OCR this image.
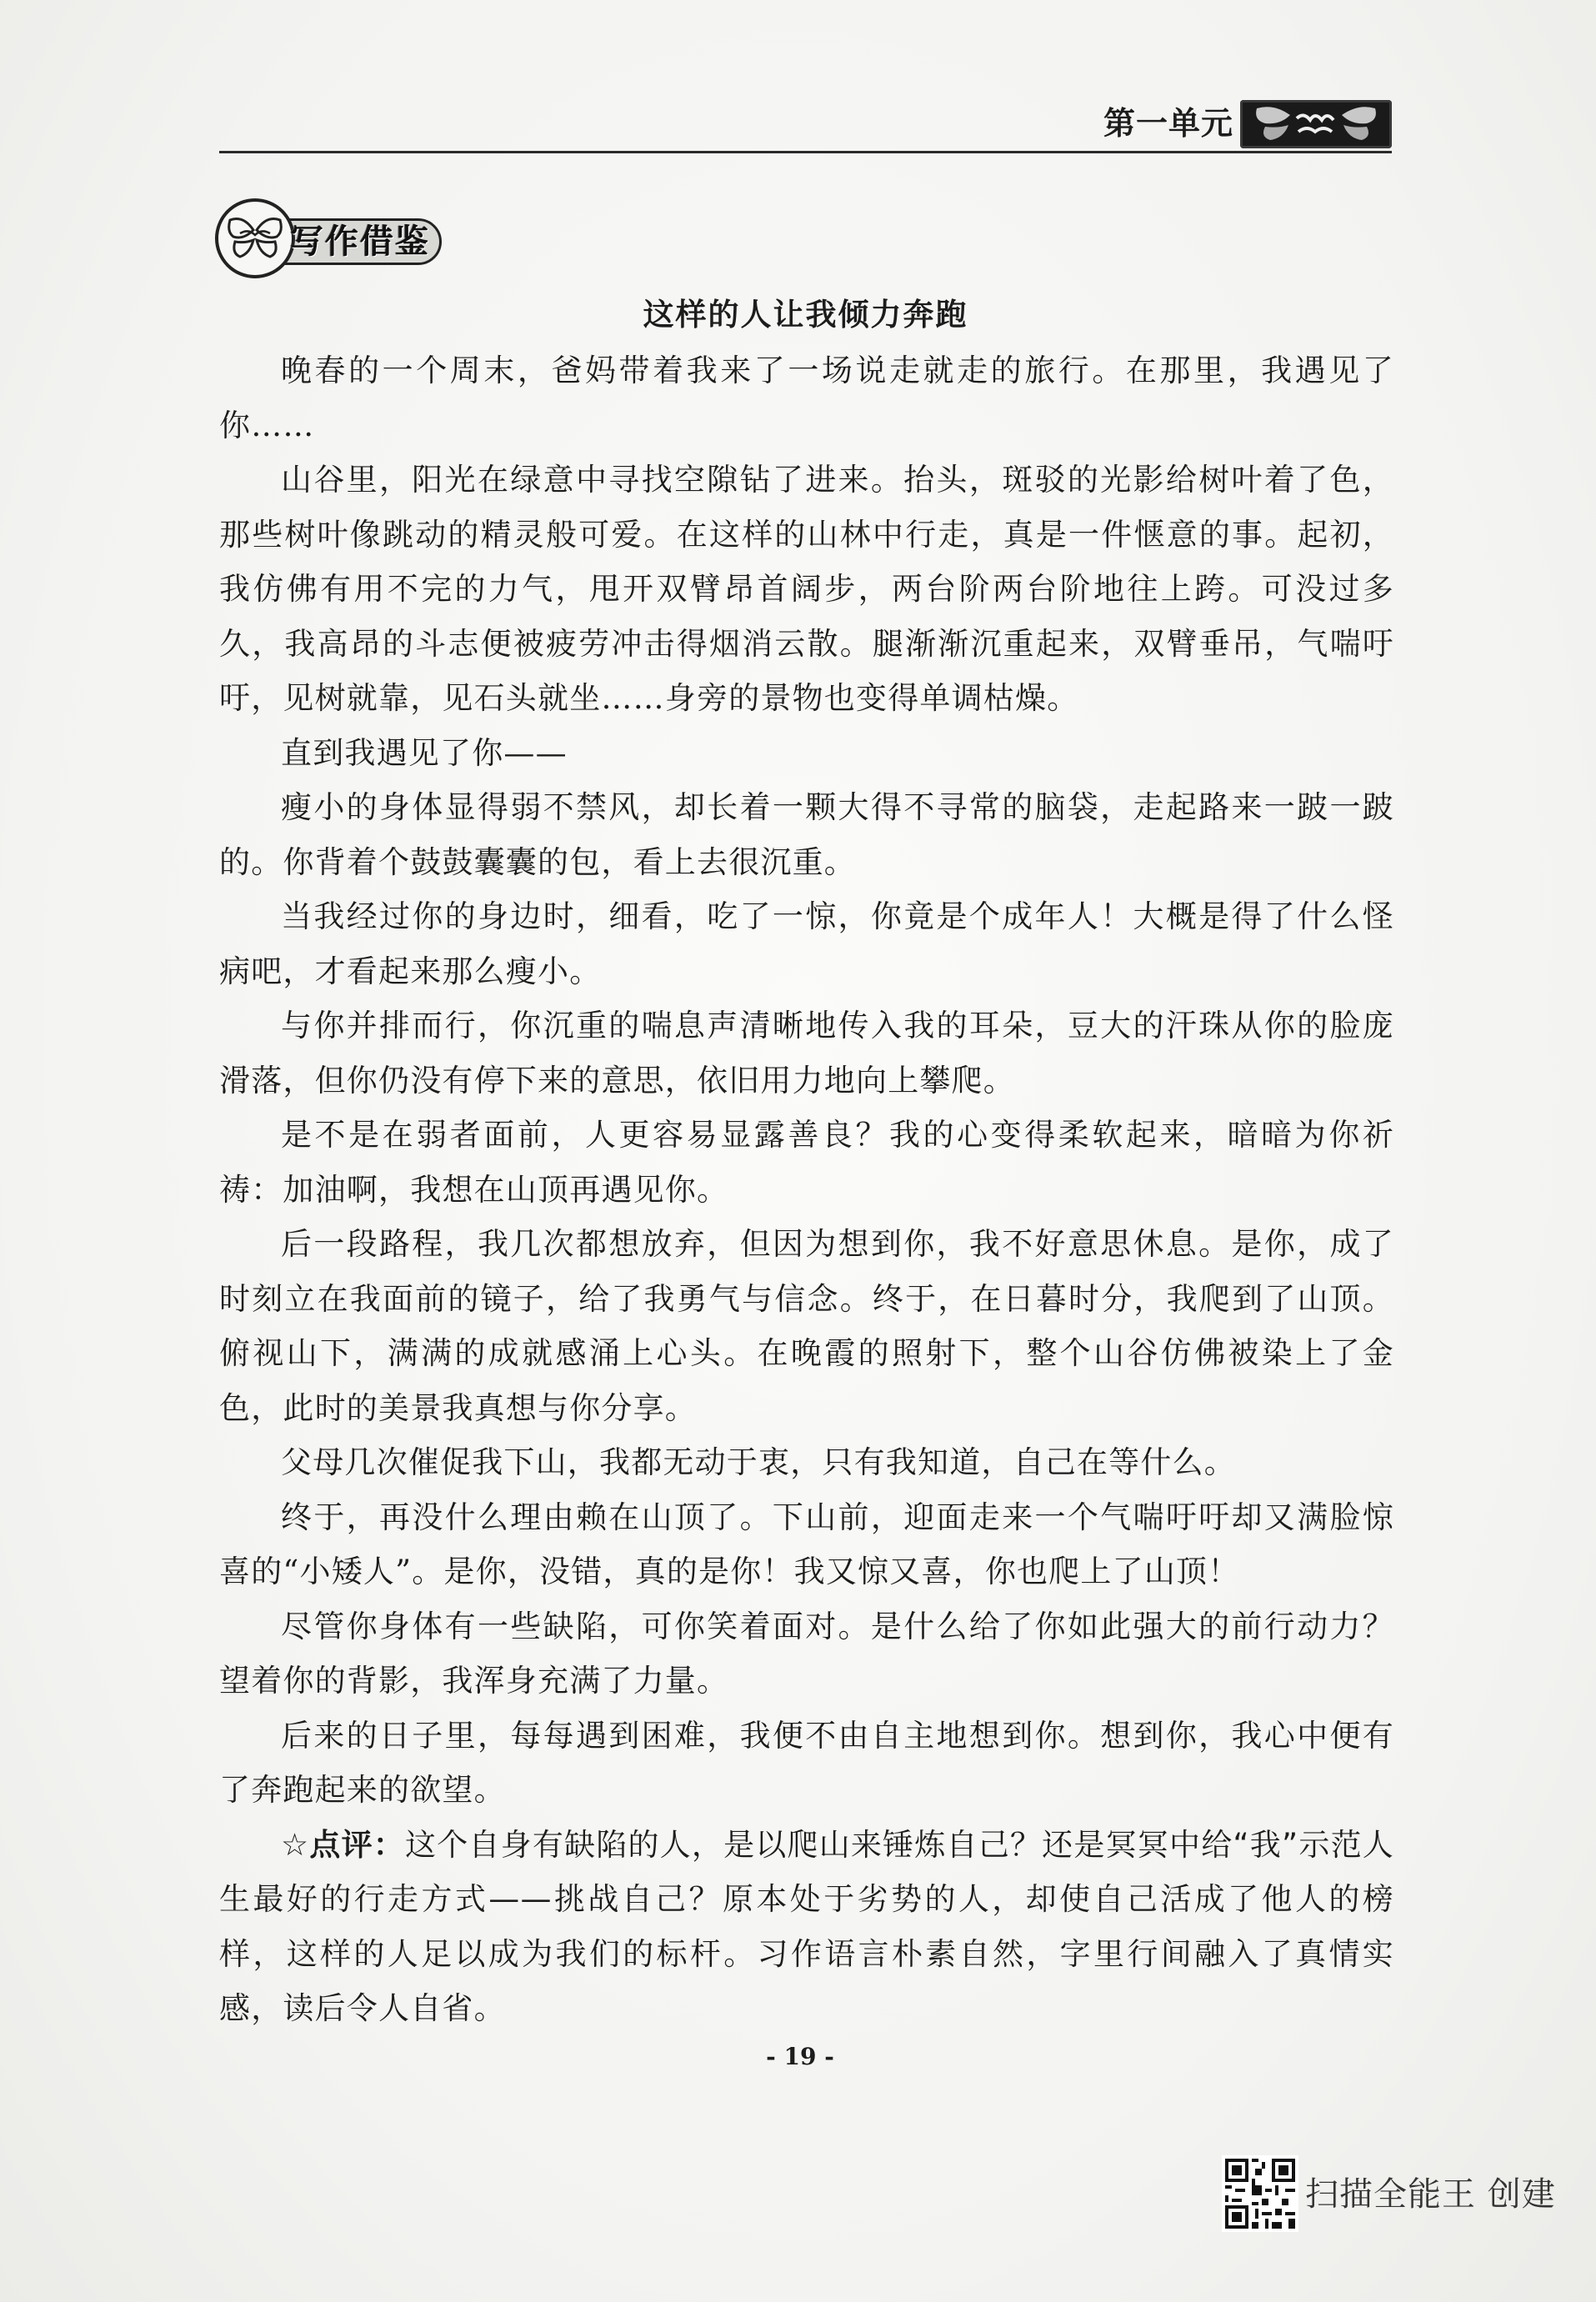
第一单元
写作借鉴
这样的人让我倾力奔跑

晚春的一个周末，爸妈带着我来了一场说走就走的旅行。在那里，我遇见了你……

山谷里，阳光在绿意中寻找空隙钻了进来。抬头，斑驳的光影给树叶着了色，那些树叶像跳动的精灵般可爱。在这样的山林中行走，真是一件惬意的事。起初，我仿佛有用不完的力气，甩开双臂昂首阔步，两台阶两台阶地往上跨。可没过多久，我高昂的斗志便被疲劳冲击得烟消云散。腿渐渐沉重起来，双臂垂吊，气喘吁吁，见树就靠，见石头就坐……身旁的景物也变得单调枯燥。

直到我遇见了你——

瘦小的身体显得弱不禁风，却长着一颗大得不寻常的脑袋，走起路来一跛一跛的。你背着个鼓鼓囊囊的包，看上去很沉重。

当我经过你的身边时，细看，吃了一惊，你竟是个成年人！大概是得了什么怪病吧，才看起来那么瘦小。

与你并排而行，你沉重的喘息声清晰地传入我的耳朵，豆大的汗珠从你的脸庞滑落，但你仍没有停下来的意思，依旧用力地向上攀爬。

是不是在弱者面前，人更容易显露善良？我的心变得柔软起来，暗暗为你祈祷：加油啊，我想在山顶再遇见你。

后一段路程，我几次都想放弃，但因为想到你，我不好意思休息。是你，成了时刻立在我面前的镜子，给了我勇气与信念。终于，在日暮时分，我爬到了山顶。俯视山下，满满的成就感涌上心头。在晚霞的照射下，整个山谷仿佛被染上了金色，此时的美景我真想与你分享。

父母几次催促我下山，我都无动于衷，只有我知道，自己在等什么。

终于，再没什么理由赖在山顶了。下山前，迎面走来一个气喘吁吁却又满脸惊喜的“小矮人”。是你，没错，真的是你！我又惊又喜，你也爬上了山顶！

尽管你身体有一些缺陷，可你笑着面对。是什么给了你如此强大的前行动力？望着你的背影，我浑身充满了力量。

后来的日子里，每每遇到困难，我便不由自主地想到你。想到你，我心中便有了奔跑起来的欲望。

☆点评：这个自身有缺陷的人，是以爬山来锤炼自己？还是冥冥中给“我”示范人生最好的行走方式——挑战自己？原本处于劣势的人，却使自己活成了他人的榜样，这样的人足以成为我们的标杆。习作语言朴素自然，字里行间融入了真情实感，读后令人自省。

- 19 -
扫描全能王 创建
